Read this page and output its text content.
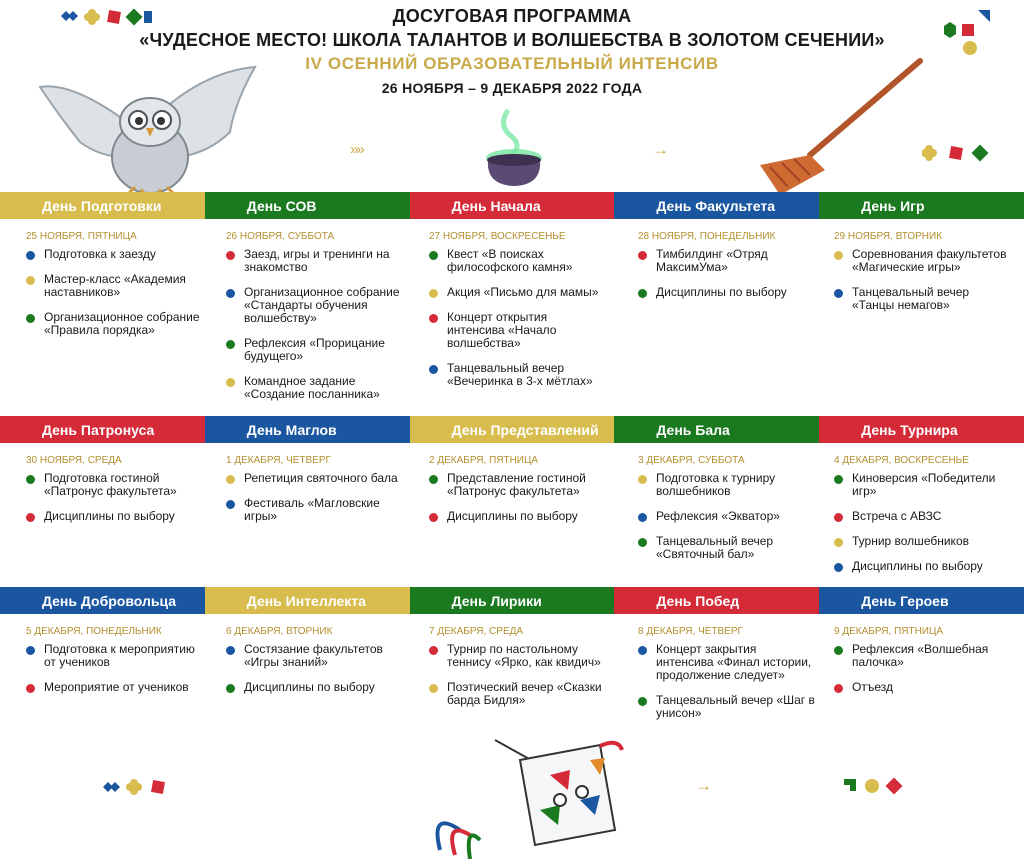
ДОСУГОВАЯ ПРОГРАММА
«ЧУДЕСНОЕ МЕСТО! ШКОЛА ТАЛАНТОВ И ВОЛШЕБСТВА В ЗОЛОТОМ СЕЧЕНИИ»
IV ОСЕННИЙ ОБРАЗОВАТЕЛЬНЫЙ ИНТЕНСИВ
26 НОЯБРЯ – 9 ДЕКАБРЯ 2022 ГОДА
»»	→
День Подготовки	День СОВ	День Начала	День Факультета	День Игр
25 НОЯБРЯ, ПЯТНИЦА
Подготовка к заезду
Мастер-класс «Академия наставников»
Организационное собрание «Правила порядка»
26 НОЯБРЯ, СУББОТА
Заезд, игры и тренинги на знакомство
Организационное собрание «Стандарты обучения волшебству»
Рефлексия «Прорицание будущего»
Командное задание «Создание посланника»
27 НОЯБРЯ, ВОСКРЕСЕНЬЕ
Квест «В поисках философского камня»
Акция «Письмо для мамы»
Концерт открытия интенсива «Начало волшебства»
Танцевальный вечер «Вечеринка в 3-х мётлах»
28 НОЯБРЯ, ПОНЕДЕЛЬНИК
Тимбилдинг «Отряд МаксимУма»
Дисциплины по выбору
29 НОЯБРЯ, ВТОРНИК
Соревнования факультетов «Магические игры»
Танцевальный вечер «Танцы немагов»
День Патронуса	День Маглов	День Представлений	День Бала	День Турнира
30 НОЯБРЯ, СРЕДА
Подготовка гостиной «Патронус факультета»
Дисциплины по выбору
1 ДЕКАБРЯ, ЧЕТВЕРГ
Репетиция святочного бала
Фестиваль «Магловские игры»
2 ДЕКАБРЯ, ПЯТНИЦА
Представление гостиной «Патронус факультета»
Дисциплины по выбору
3 ДЕКАБРЯ, СУББОТА
Подготовка к турниру волшебников
Рефлексия «Экватор»
Танцевальный вечер «Святочный бал»
4 ДЕКАБРЯ, ВОСКРЕСЕНЬЕ
Киноверсия «Победители игр»
Встреча с АВЗС
Турнир волшебников
Дисциплины по выбору
День Добровольца	День Интеллекта	День Лирики	День Побед	День Героев
5 ДЕКАБРЯ, ПОНЕДЕЛЬНИК
Подготовка к мероприятию от учеников
Мероприятие от учеников
6 ДЕКАБРЯ, ВТОРНИК
Состязание факультетов «Игры знаний»
Дисциплины по выбору
7 ДЕКАБРЯ, СРЕДА
Турнир по настольному теннису «Ярко, как квидич»
Поэтический вечер «Сказки барда Бидля»
8 ДЕКАБРЯ, ЧЕТВЕРГ
Концерт закрытия интенсива «Финал истории, продолжение следует»
Танцевальный вечер «Шаг в унисон»
9 ДЕКАБРЯ, ПЯТНИЦА
Рефлексия «Волшебная палочка»
Отъезд
→
